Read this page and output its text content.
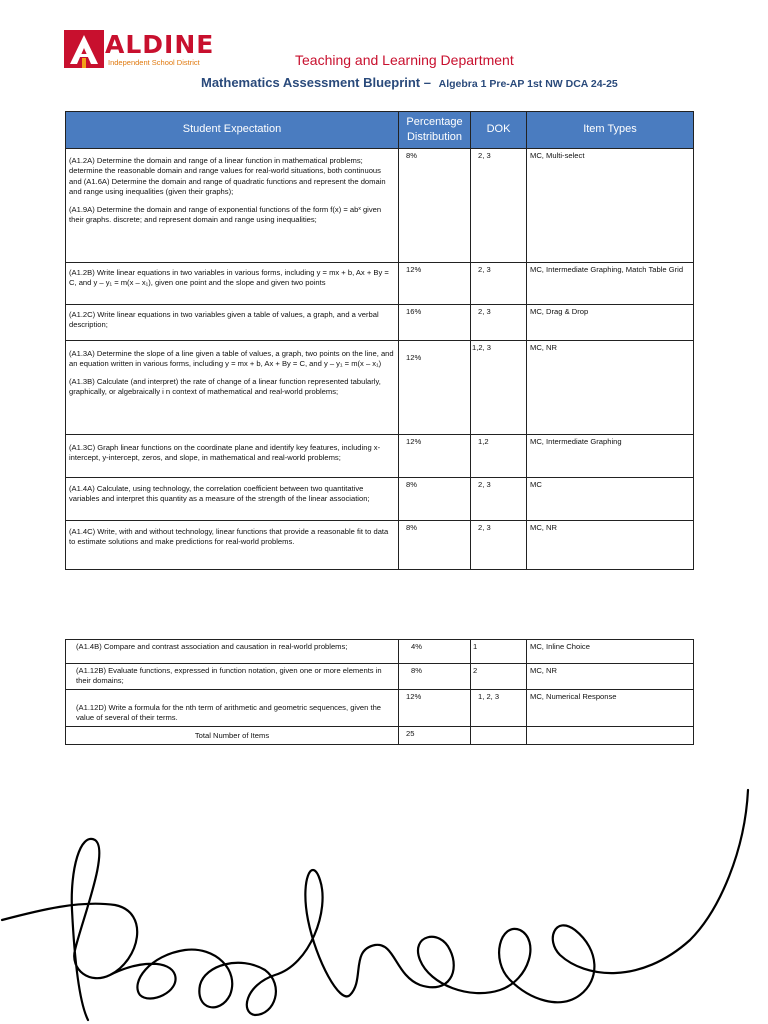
ALDINE
Independent School District	Teaching and Learning Department
Mathematics Assessment Blueprint – Algebra 1 Pre-AP 1st NW DCA 24-25
Student Expectation	Percentage Distribution	DOK	Item Types

(A1.2A) Determine the domain and range of a linear function in mathematical problems; determine the reasonable domain and range values for real-world situations, both continuous and (A1.6A) Determine the domain and range of quadratic functions and represent the domain and range using inequalities (given their graphs);

(A1.9A) Determine the domain and range of exponential functions of the form f(x) = abˣ given their graphs. discrete; and represent domain and range using inequalities;	8%	2, 3	MC, Multi-select

(A1.2B) Write linear equations in two variables in various forms, including y = mx + b, Ax + By = C, and y – y₁ = m(x – x₁), given one point and the slope and given two points	12%	2, 3	MC, Intermediate Graphing, Match Table Grid

(A1.2C) Write linear equations in two variables given a table of values, a graph, and a verbal description;	16%	2, 3	MC, Drag & Drop

(A1.3A) Determine the slope of a line given a table of values, a graph, two points on the line, and an equation written in various forms, including y = mx + b, Ax + By = C, and y – y₁ = m(x – x₁)

(A1.3B) Calculate (and interpret) the rate of change of a linear function represented tabularly, graphically, or algebraically i n context of mathematical and real-world problems;	12%	1,2, 3	MC, NR

(A1.3C) Graph linear functions on the coordinate plane and identify key features, including x-intercept, y-intercept, zeros, and slope, in mathematical and real-world problems;	12%	1,2	MC, Intermediate Graphing

(A1.4A) Calculate, using technology, the correlation coefficient between two quantitative variables and interpret this quantity as a measure of the strength of the linear association;	8%	2, 3	MC

(A1.4C) Write, with and without technology, linear functions that provide a reasonable fit to data to estimate solutions and make predictions for real-world problems.	8%	2, 3	MC, NR
(A1.4B) Compare and contrast association and causation in real-world problems;	4%	1	MC, Inline Choice
(A1.12B) Evaluate functions, expressed in function notation, given one or more elements in their domains;	8%	2	MC, NR
(A1.12D) Write a formula for the nth term of arithmetic and geometric sequences, given the value of several of their terms.	12%	1, 2, 3	MC, Numerical Response
Total Number of Items	25		
